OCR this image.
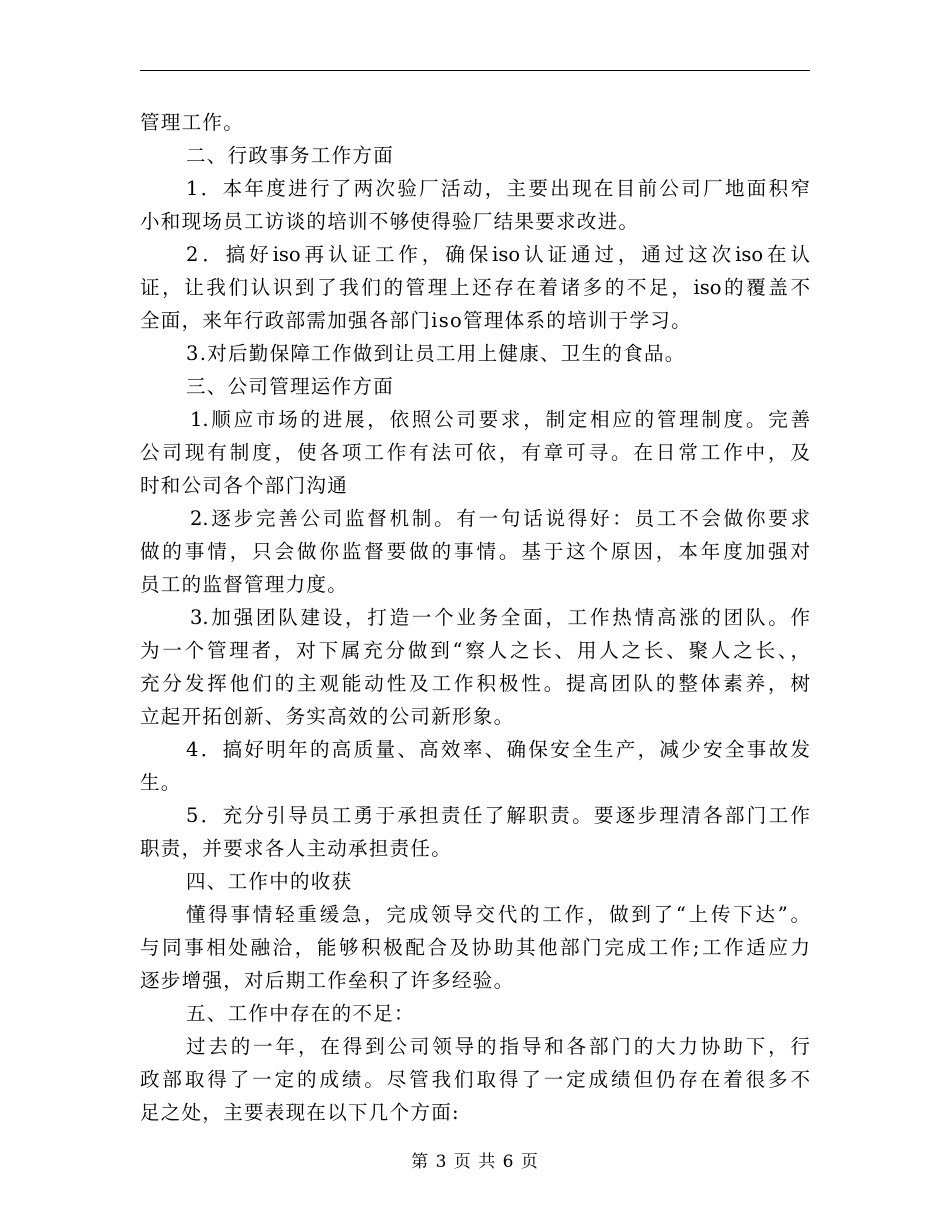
管理工作。
二、行政事务工作方面
1．本年度进行了两次验厂活动，主要出现在目前公司厂地面积窄
小和现场员工访谈的培训不够使得验厂结果要求改进。
2．搞好iso再认证工作，确保iso认证通过，通过这次iso在认
证，让我们认识到了我们的管理上还存在着诸多的不足，iso的覆盖不
全面，来年行政部需加强各部门iso管理体系的培训于学习。
3.对后勤保障工作做到让员工用上健康、卫生的食品。
三、公司管理运作方面
1.顺应市场的进展，依照公司要求，制定相应的管理制度。完善
公司现有制度，使各项工作有法可依，有章可寻。在日常工作中，及
时和公司各个部门沟通
2.逐步完善公司监督机制。有一句话说得好：员工不会做你要求
做的事情，只会做你监督要做的事情。基于这个原因，本年度加强对
员工的监督管理力度。
3.加强团队建设，打造一个业务全面，工作热情高涨的团队。作
为一个管理者，对下属充分做到“察人之长、用人之长、聚人之长、，
充分发挥他们的主观能动性及工作积极性。提高团队的整体素养，树
立起开拓创新、务实高效的公司新形象。
4．搞好明年的高质量、高效率、确保安全生产，减少安全事故发
生。
5．充分引导员工勇于承担责任了解职责。要逐步理清各部门工作
职责，并要求各人主动承担责任。
四、工作中的收获
懂得事情轻重缓急，完成领导交代的工作，做到了“上传下达”。
与同事相处融洽，能够积极配合及协助其他部门完成工作;工作适应力
逐步增强，对后期工作垒积了许多经验。
五、工作中存在的不足：
过去的一年，在得到公司领导的指导和各部门的大力协助下，行
政部取得了一定的成绩。尽管我们取得了一定成绩但仍存在着很多不
足之处，主要表现在以下几个方面:
第 3 页 共 6 页
